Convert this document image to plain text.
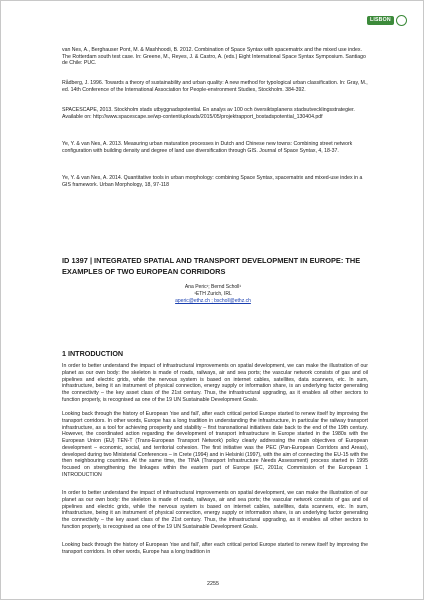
LISBON

van Nes, A., Berghauser Pont, M. & Mashhoodi, B. 2012. Combination of Space Syntax with spacematrix and the mixed use index. The Rotterdam south test case. In: Greene, M., Reyes, J. & Castro, A. (eds.) Eight International Space Syntax Symposium. Santiago de Chile: PUC.

Rådberg, J. 1996. Towards a theory of sustainability and urban quality: A new method for typological urban classification. In: Gray, M., ed. 14th Conference of the International Association for People-environment Studies, Stockholm. 384-392.

SPACESCAPE, 2013. Stockholm stads utbyggnadspotential. En analys av 100 och översiktsplanens stadsutvecklingsstrategier. Available on: http://www.spacescape.se/wp-content/uploads/2015/05/projektrapport_bostadspotential_130404.pdf

Ye, Y. & van Nes, A. 2013. Measuring urban maturation processes in Dutch and Chinese new towns: Combining street network configuration with building density and degree of land use diversification through GIS. Journal of Space Syntax, 4, 18-37.

Ye, Y. & van Nes, A. 2014. Quantitative tools in urban morphology: combining Space Syntax, spacematrix and mixed-use index in a GIS framework. Urban Morphology, 18, 97-118

ID 1397 | INTEGRATED SPATIAL AND TRANSPORT DEVELOPMENT IN EUROPE: THE EXAMPLES OF TWO EUROPEAN CORRIDORS

Ana Peric¹; Bernd Scholl¹

¹ETH Zurich, IRL

aperic@ethz.ch ; bscholl@ethz.ch

1 INTRODUCTION

In order to better understand the impact of infrastructural improvements on spatial development, we can make the illustration of our planet as our own body: the skeleton is made of roads, railways, air and sea ports; the vascular network consists of gas and oil pipelines and electric grids, while the nervous system is based on internet cables, satellites, data scanners, etc. In sum, infrastructure, being it an instrument of physical connection, energy supply or information share, is an underlying factor generating the connectivity – the key asset class of the 21st century. Thus, the infrastructural upgrading, as it enables all other sectors to function properly, is recognised as one of the 19 UN Sustainable Development Goals.

Looking back through the history of European 'rise and fall', after each critical period Europe started to renew itself by improving the transport corridors. In other words, Europe has a long tradition in understanding the infrastructure, in particular the railway transport infrastructure, as a tool for achieving prosperity and stability – first transnational initiatives date back to the end of the 19th century. However, the coordinated action regarding the development of transport infrastructure in Europe started in the 1980s with the European Union (EU) TEN-T (Trans-European Transport Network) policy clearly addressing the main objectives of European development – economic, social, and territorial cohesion. The first initiative was the PEC (Pan-European Corridors and Areas), developed during two Ministerial Conferences – in Crete (1994) and in Helsinki (1997), with the aim of connecting the EU-15 with the then neighbouring countries. At the same time, the TINA (Transport Infrastructure Needs Assessment) process started in 1995 focused on strengthening the linkages within the eastern part of Europe (EC, 2011a; Commission of the European 1 INTRODUCTION

In order to better understand the impact of infrastructural improvements on spatial development, we can make the illustration of our planet as our own body: the skeleton is made of roads, railways, air and sea ports; the vascular network consists of gas and oil pipelines and electric grids, while the nervous system is based on internet cables, satellites, data scanners, etc. In sum, infrastructure, being it an instrument of physical connection, energy supply or information share, is an underlying factor generating the connectivity – the key asset class of the 21st century. Thus, the infrastructural upgrading, as it enables all other sectors to function properly, is recognised as one of the 19 UN Sustainable Development Goals.

Looking back through the history of European 'rise and fall', after each critical period Europe started to renew itself by improving the transport corridors. In other words, Europe has a long tradition in

2255
